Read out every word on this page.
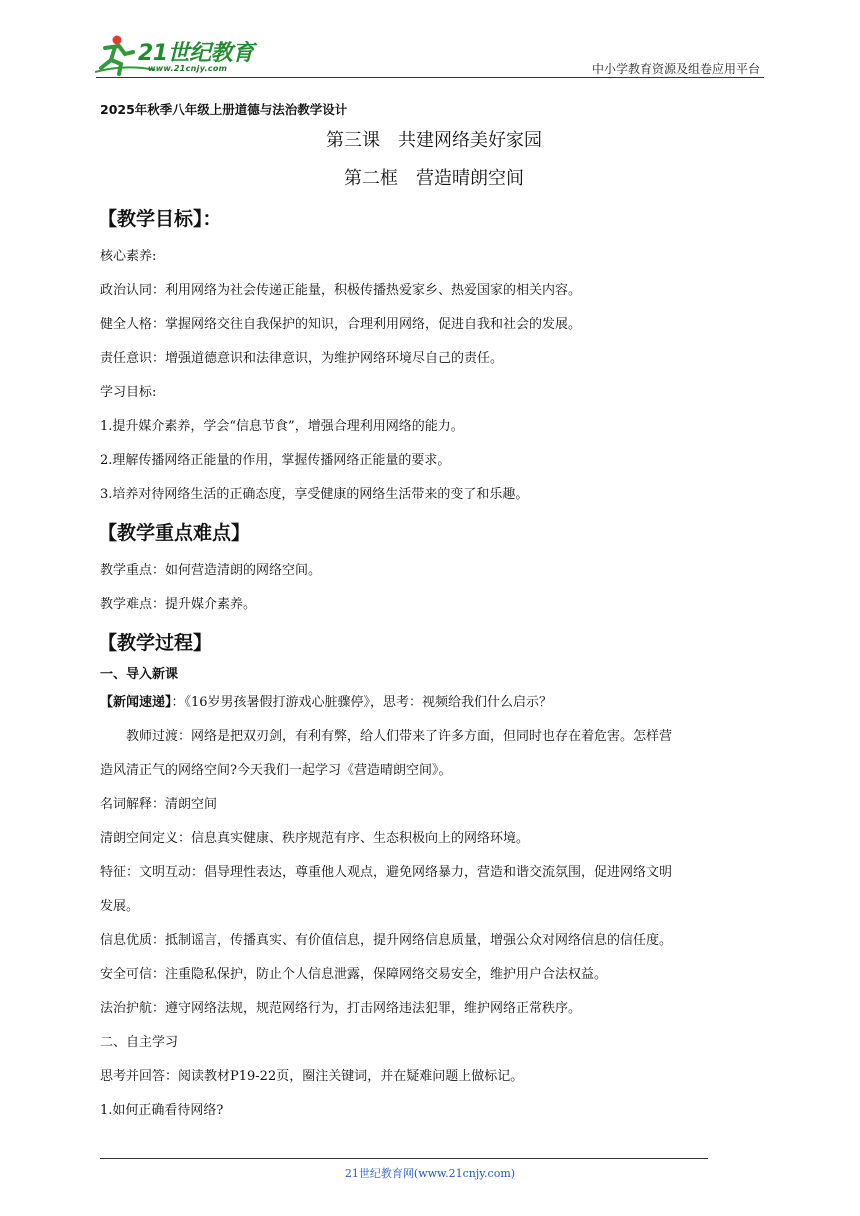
21世纪教育
www.21cnjy.com	中小学教育资源及组卷应用平台

2025年秋季八年级上册道德与法治教学设计

第三课　共建网络美好家园

第二框　营造晴朗空间

【教学目标】：

核心素养:

政治认同：利用网络为社会传递正能量，积极传播热爱家乡、热爱国家的相关内容。

健全人格：掌握网络交往自我保护的知识，合理利用网络，促进自我和社会的发展。

责任意识：增强道德意识和法律意识，为维护网络环境尽自己的责任。

学习目标:

1.提升媒介素养，学会“信息节食”，增强合理利用网络的能力。

2.理解传播网络正能量的作用，掌握传播网络正能量的要求。

3.培养对待网络生活的正确态度，享受健康的网络生活带来的变了和乐趣。

【教学重点难点】

教学重点：如何营造清朗的网络空间。

教学难点：提升媒介素养。

【教学过程】

一、导入新课

【新闻速递】：《16岁男孩暑假打游戏心脏骤停》，思考：视频给我们什么启示？

教师过渡：网络是把双刃剑，有利有弊，给人们带来了许多方面，但同时也存在着危害。怎样营

造风清正气的网络空间?今天我们一起学习《营造晴朗空间》。

名词解释：清朗空间

清朗空间定义：信息真实健康、秩序规范有序、生态积极向上的网络环境。

特征：文明互动：倡导理性表达，尊重他人观点，避免网络暴力，营造和谐交流氛围，促进网络文明

发展。

信息优质：抵制谣言，传播真实、有价值信息，提升网络信息质量，增强公众对网络信息的信任度。

安全可信：注重隐私保护，防止个人信息泄露，保障网络交易安全，维护用户合法权益。

法治护航：遵守网络法规，规范网络行为，打击网络违法犯罪，维护网络正常秩序。

二、自主学习

思考并回答：阅读教材P19-22页，圈注关键词，并在疑难问题上做标记。

1.如何正确看待网络?

21世纪教育网(www.21cnjy.com)
